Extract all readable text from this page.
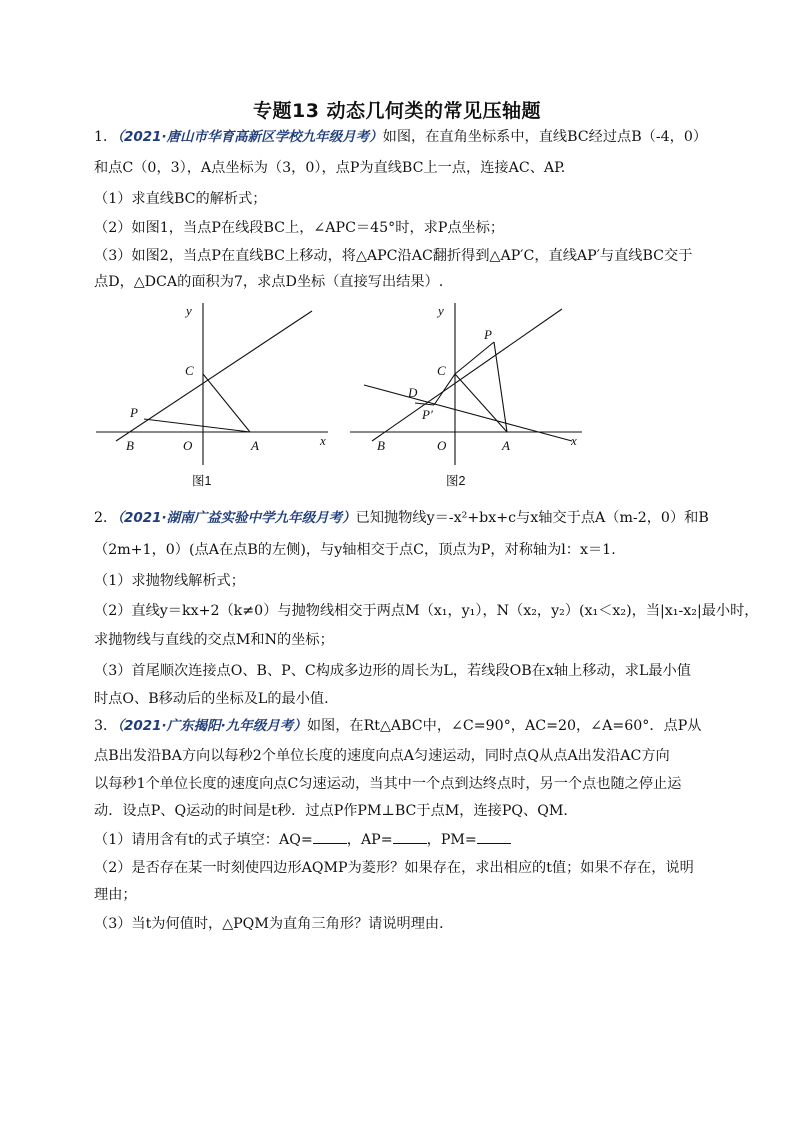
专题13 动态几何类的常见压轴题
1．（2021·唐山市华育高新区学校九年级月考）如图，在直角坐标系中，直线BC经过点B（-4，0）
和点C（0，3），A点坐标为（3，0），点P为直线BC上一点，连接AC、AP.
（1）求直线BC的解析式；
（2）如图1，当点P在线段BC上，∠APC＝45°时，求P点坐标；
（3）如图2，当点P在直线BC上移动，将△APC沿AC翻折得到△AP′C，直线AP′与直线BC交于
点D，△DCA的面积为7，求点D坐标（直接写出结果）.
x
y
C
P
B	O	A
图1
x
y
P
C
D
P′
B	O	A
图2
2．（2021·湖南广益实验中学九年级月考）已知抛物线y＝-x²+bx+c与x轴交于点A（m-2，0）和B
（2m+1，0）(点A在点B的左侧)，与y轴相交于点C，顶点为P，对称轴为l：x＝1.
（1）求抛物线解析式；
（2）直线y＝kx+2（k≠0）与抛物线相交于两点M（x₁，y₁），N（x₂，y₂）(x₁＜x₂)，当|x₁-x₂|最小时，
求抛物线与直线的交点M和N的坐标；
（3）首尾顺次连接点O、B、P、C构成多边形的周长为L，若线段OB在x轴上移动，求L最小值
时点O、B移动后的坐标及L的最小值.
3．（2021·广东揭阳·九年级月考）如图，在Rt△ABC中，∠C=90°，AC=20，∠A=60°．点P从
点B出发沿BA方向以每秒2个单位长度的速度向点A匀速运动，同时点Q从点A出发沿AC方向
以每秒1个单位长度的速度向点C匀速运动，当其中一个点到达终点时，另一个点也随之停止运
动．设点P、Q运动的时间是t秒．过点P作PM⊥BC于点M，连接PQ、QM．
（1）请用含有t的式子填空：AQ= ，AP= ，PM=
（2）是否存在某一时刻使四边形AQMP为菱形？如果存在，求出相应的t值；如果不存在，说明
理由；
（3）当t为何值时，△PQM为直角三角形？请说明理由．
